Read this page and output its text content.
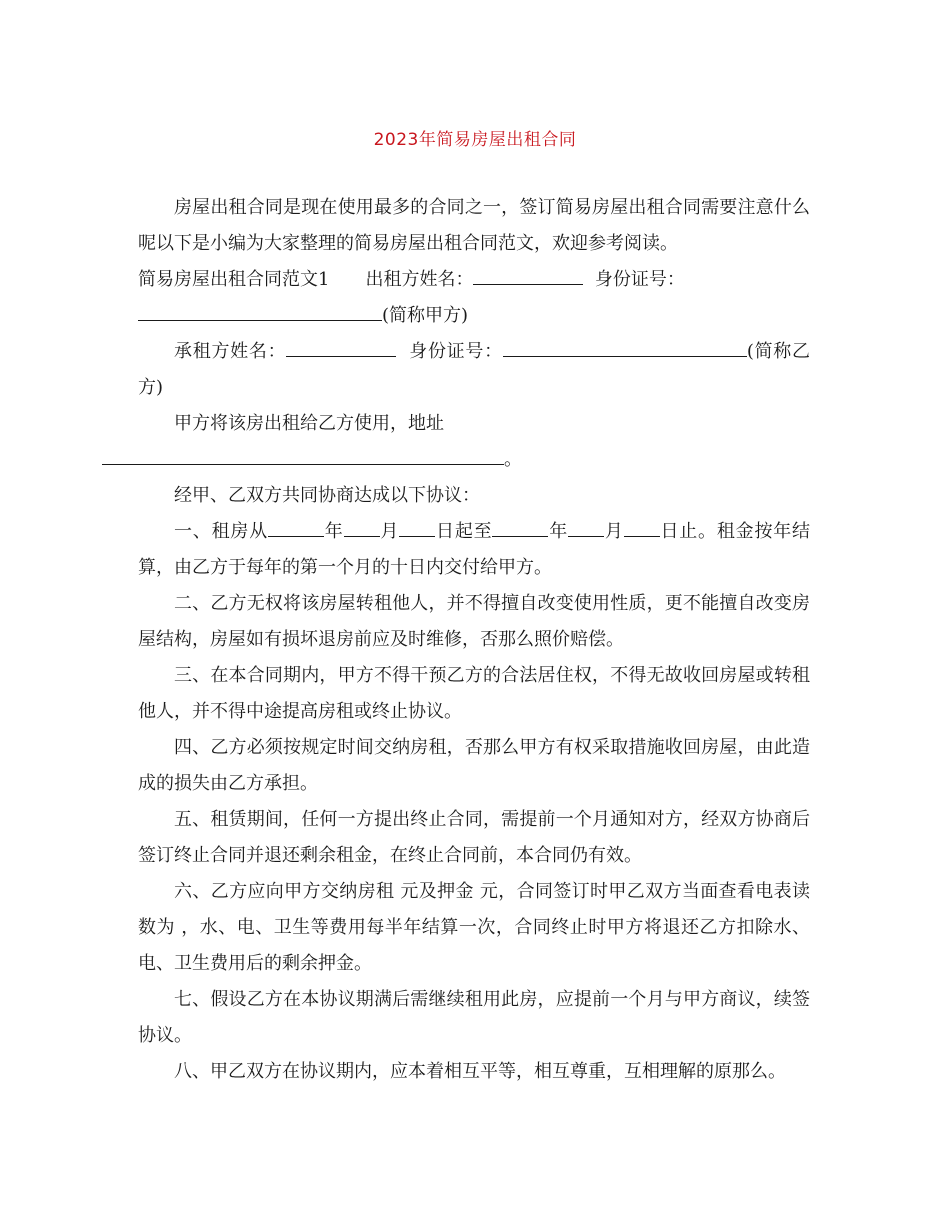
2023年简易房屋出租合同

房屋出租合同是现在使用最多的合同之一，签订简易房屋出租合同需要注意什么呢以下是小编为大家整理的简易房屋出租合同范文，欢迎参考阅读。

简易房屋出租合同范文1 出租方姓名：	身份证号：
(简称甲方)

承租方姓名：	身份证号：	(简称乙方)

甲方将该房出租给乙方使用，地址
。

经甲、乙双方共同协商达成以下协议：

一、租房从	年 月 日起至	年 月 日止。租金按年结算，由乙方于每年的第一个月的十日内交付给甲方。

二、乙方无权将该房屋转租他人，并不得擅自改变使用性质，更不能擅自改变房屋结构，房屋如有损坏退房前应及时维修，否那么照价赔偿。

三、在本合同期内，甲方不得干预乙方的合法居住权，不得无故收回房屋或转租他人，并不得中途提高房租或终止协议。

四、乙方必须按规定时间交纳房租，否那么甲方有权采取措施收回房屋，由此造成的损失由乙方承担。

五、租赁期间，任何一方提出终止合同，需提前一个月通知对方，经双方协商后签订终止合同并退还剩余租金，在终止合同前，本合同仍有效。

六、乙方应向甲方交纳房租 元及押金 元，合同签订时甲乙双方当面查看电表读数为 ，水、电、卫生等费用每半年结算一次，合同终止时甲方将退还乙方扣除水、电、卫生费用后的剩余押金。

七、假设乙方在本协议期满后需继续租用此房，应提前一个月与甲方商议，续签协议。

八、甲乙双方在协议期内，应本着相互平等，相互尊重，互相理解的原那么。
